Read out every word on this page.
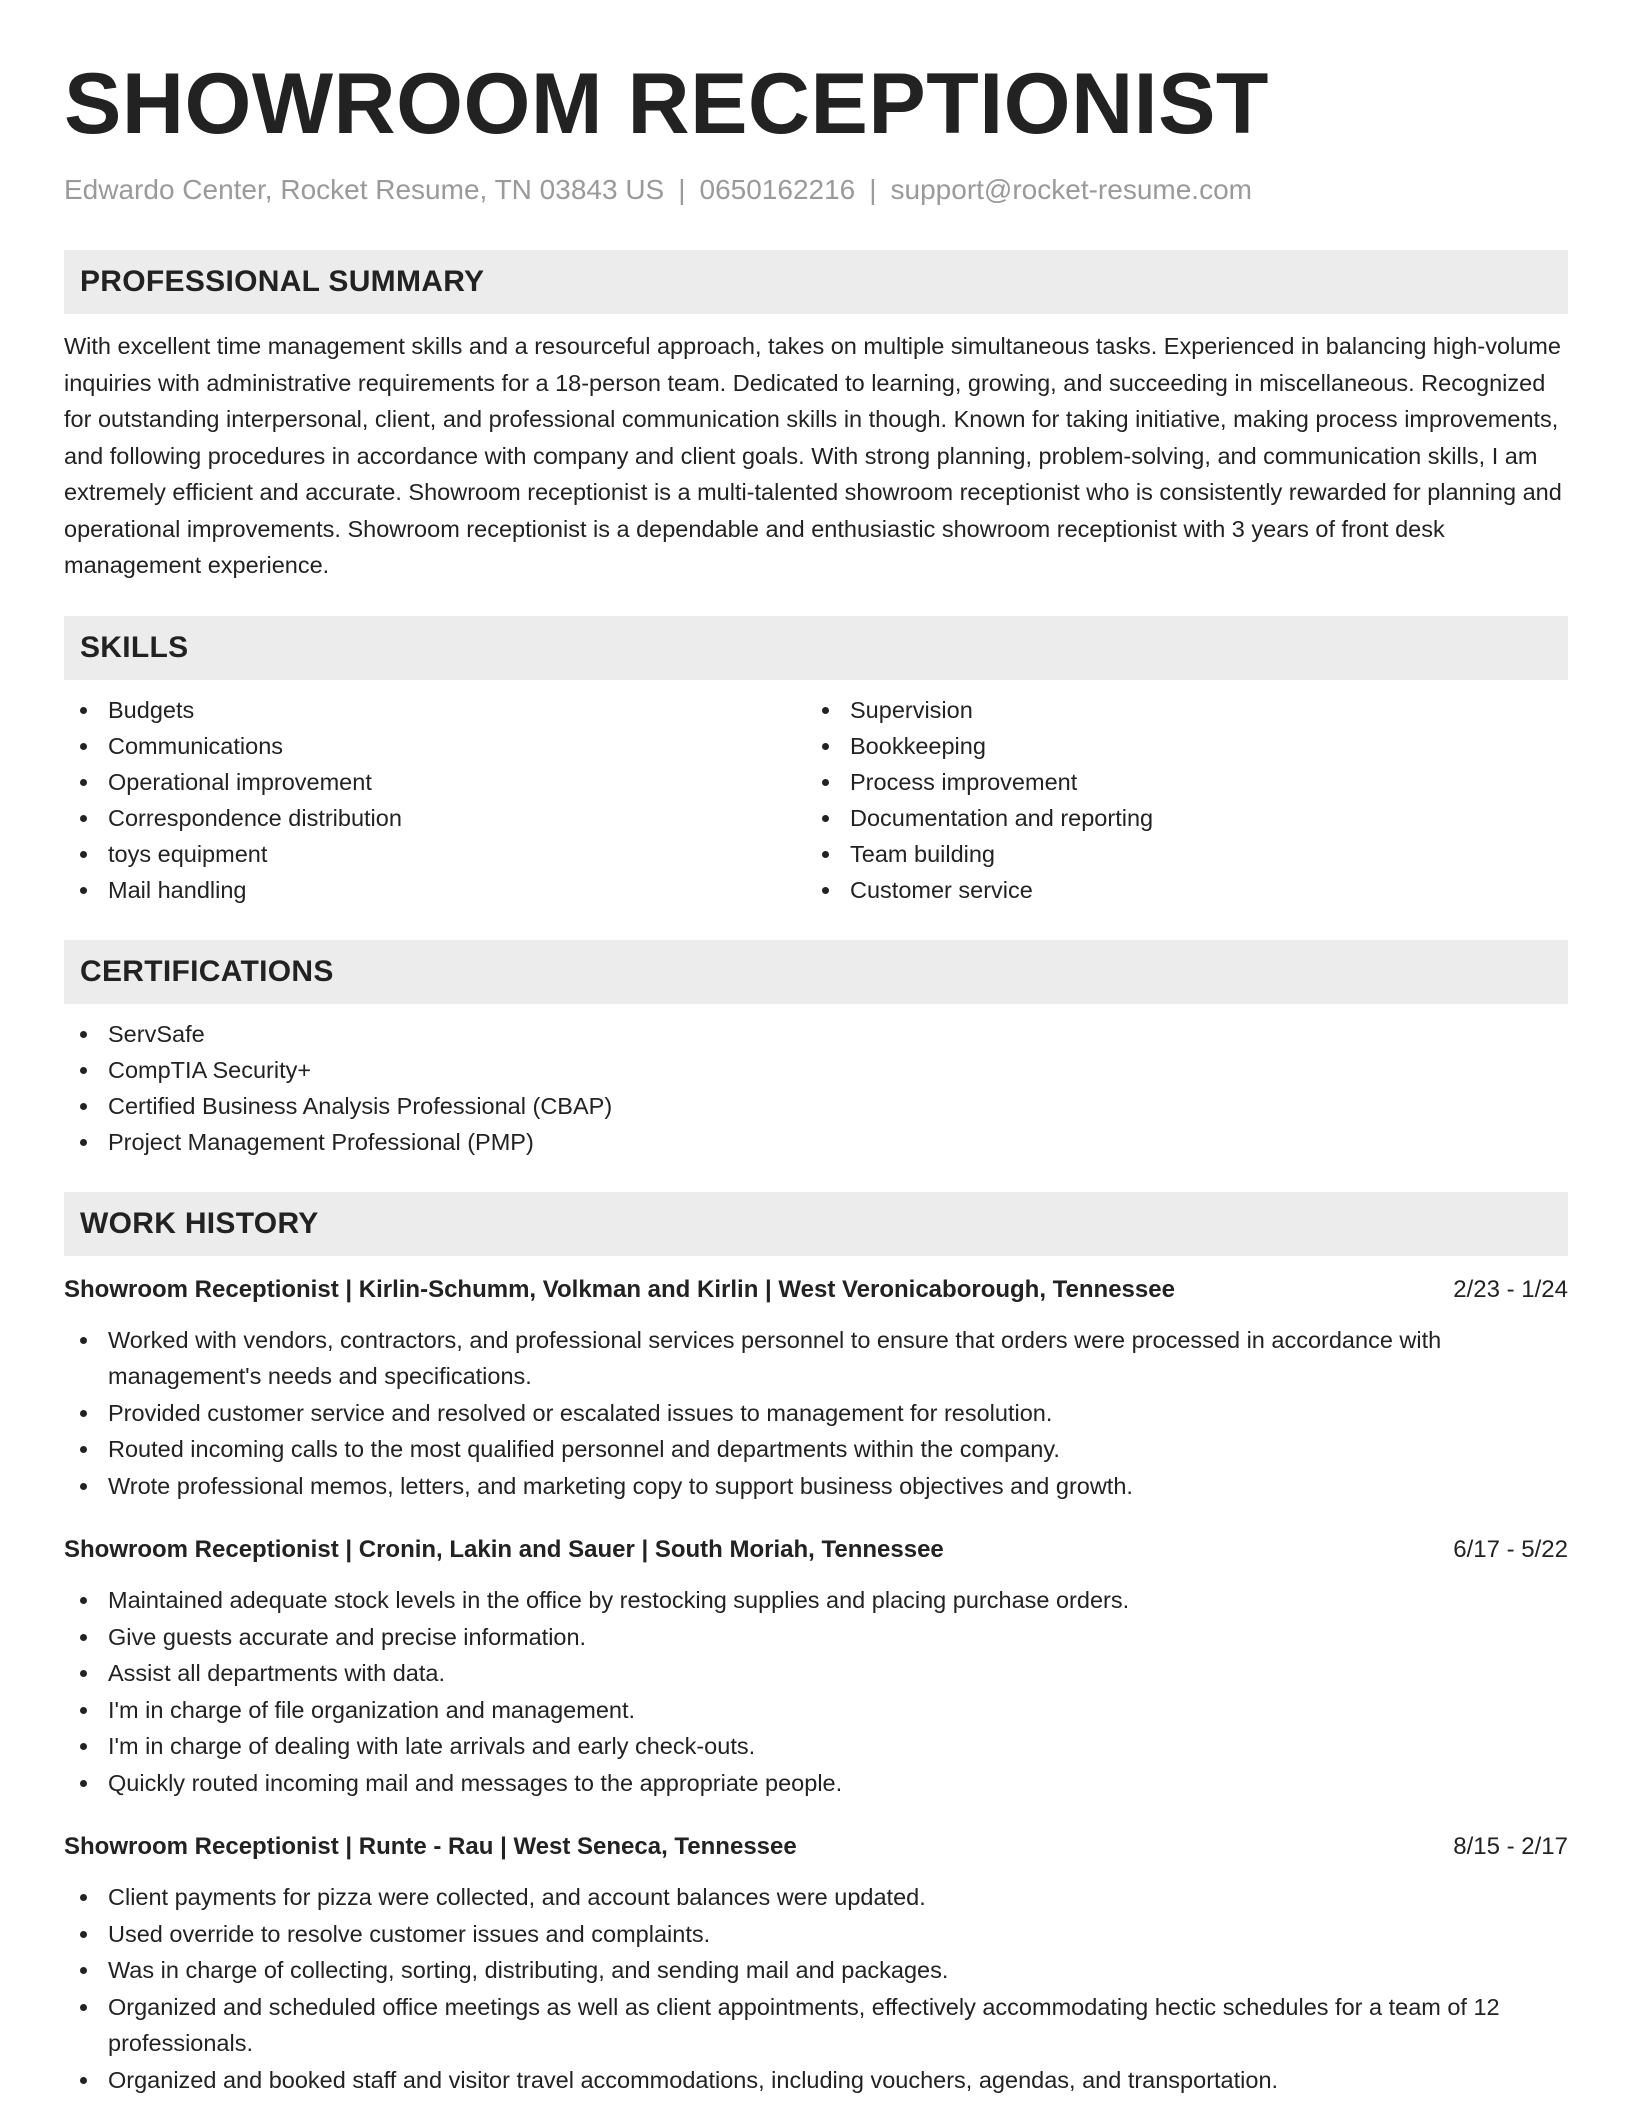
SHOWROOM RECEPTIONIST
Edwardo Center, Rocket Resume, TN 03843 US | 0650162216 | support@rocket-resume.com
PROFESSIONAL SUMMARY
With excellent time management skills and a resourceful approach, takes on multiple simultaneous tasks. Experienced in balancing high-volume inquiries with administrative requirements for a 18-person team. Dedicated to learning, growing, and succeeding in miscellaneous. Recognized for outstanding interpersonal, client, and professional communication skills in though. Known for taking initiative, making process improvements, and following procedures in accordance with company and client goals. With strong planning, problem-solving, and communication skills, I am extremely efficient and accurate. Showroom receptionist is a multi-talented showroom receptionist who is consistently rewarded for planning and operational improvements. Showroom receptionist is a dependable and enthusiastic showroom receptionist with 3 years of front desk management experience.
SKILLS
Budgets
Communications
Operational improvement
Correspondence distribution
toys equipment
Mail handling
Supervision
Bookkeeping
Process improvement
Documentation and reporting
Team building
Customer service
CERTIFICATIONS
ServSafe
CompTIA Security+
Certified Business Analysis Professional (CBAP)
Project Management Professional (PMP)
WORK HISTORY
Showroom Receptionist | Kirlin-Schumm, Volkman and Kirlin | West Veronicaborough, Tennessee	2/23 - 1/24
Worked with vendors, contractors, and professional services personnel to ensure that orders were processed in accordance with management's needs and specifications.
Provided customer service and resolved or escalated issues to management for resolution.
Routed incoming calls to the most qualified personnel and departments within the company.
Wrote professional memos, letters, and marketing copy to support business objectives and growth.
Showroom Receptionist | Cronin, Lakin and Sauer | South Moriah, Tennessee	6/17 - 5/22
Maintained adequate stock levels in the office by restocking supplies and placing purchase orders.
Give guests accurate and precise information.
Assist all departments with data.
I'm in charge of file organization and management.
I'm in charge of dealing with late arrivals and early check-outs.
Quickly routed incoming mail and messages to the appropriate people.
Showroom Receptionist | Runte - Rau | West Seneca, Tennessee	8/15 - 2/17
Client payments for pizza were collected, and account balances were updated.
Used override to resolve customer issues and complaints.
Was in charge of collecting, sorting, distributing, and sending mail and packages.
Organized and scheduled office meetings as well as client appointments, effectively accommodating hectic schedules for a team of 12 professionals.
Organized and booked staff and visitor travel accommodations, including vouchers, agendas, and transportation.
